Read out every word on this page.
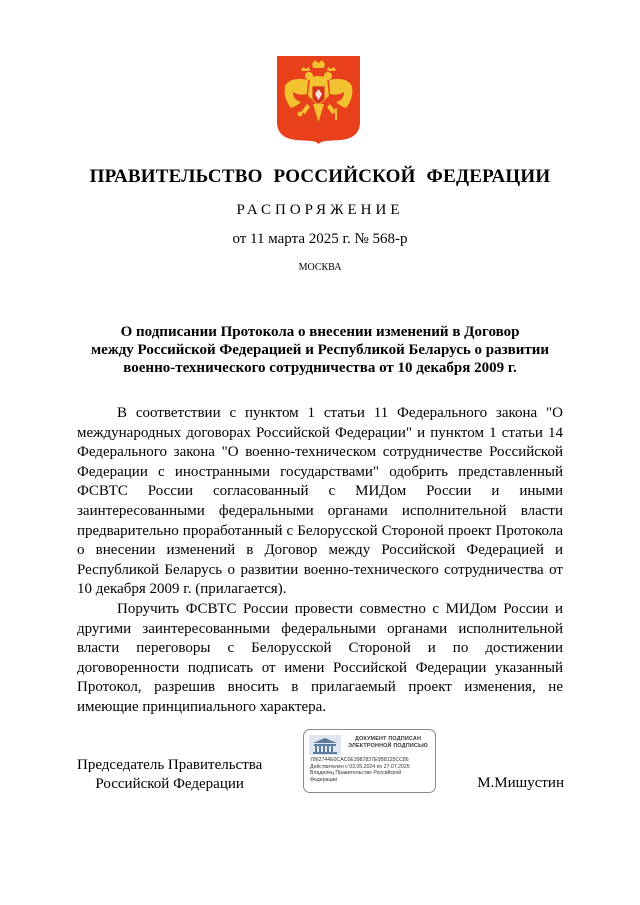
ПРАВИТЕЛЬСТВО РОССИЙСКОЙ ФЕДЕРАЦИИ
РАСПОРЯЖЕНИЕ
от 11 марта 2025 г. № 568-р
МОСКВА
О подписании Протокола о внесении изменений в Договор
между Российской Федерацией и Республикой Беларусь о развитии
военно-технического сотрудничества от 10 декабря 2009 г.

В соответствии с пунктом 1 статьи 11 Федерального закона "О международных договорах Российской Федерации" и пунктом 1 статьи 14 Федерального закона "О военно-техническом сотрудничестве Российской Федерации с иностранными государствами" одобрить представленный ФСВТС России согласованный с МИДом России и иными заинтересованными федеральными органами исполнительной власти предварительно проработанный с Белорусской Стороной проект Протокола о внесении изменений в Договор между Российской Федерацией и Республикой Беларусь о развитии военно-технического сотрудничества от 10 декабря 2009 г. (прилагается).

Поручить ФСВТС России провести совместно с МИДом России и другими заинтересованными федеральными органами исполнительной власти переговоры с Белорусской Стороной и по достижении договоренности подписать от имени Российской Федерации указанный Протокол, разрешив вносить в прилагаемый проект изменения, не имеющие принципиального характера.

Председатель Правительства
Российской Федерации
ДОКУМЕНТ ПОДПИСАН
ЭЛЕКТРОННОЙ ПОДПИСЬЮ
7862744E0CAC0E3987837E0B8125CC86
Действителен с 03.05.2024 по 27.07.2025
Владелец Правительство Российской
Федерации	М.Мишустин
